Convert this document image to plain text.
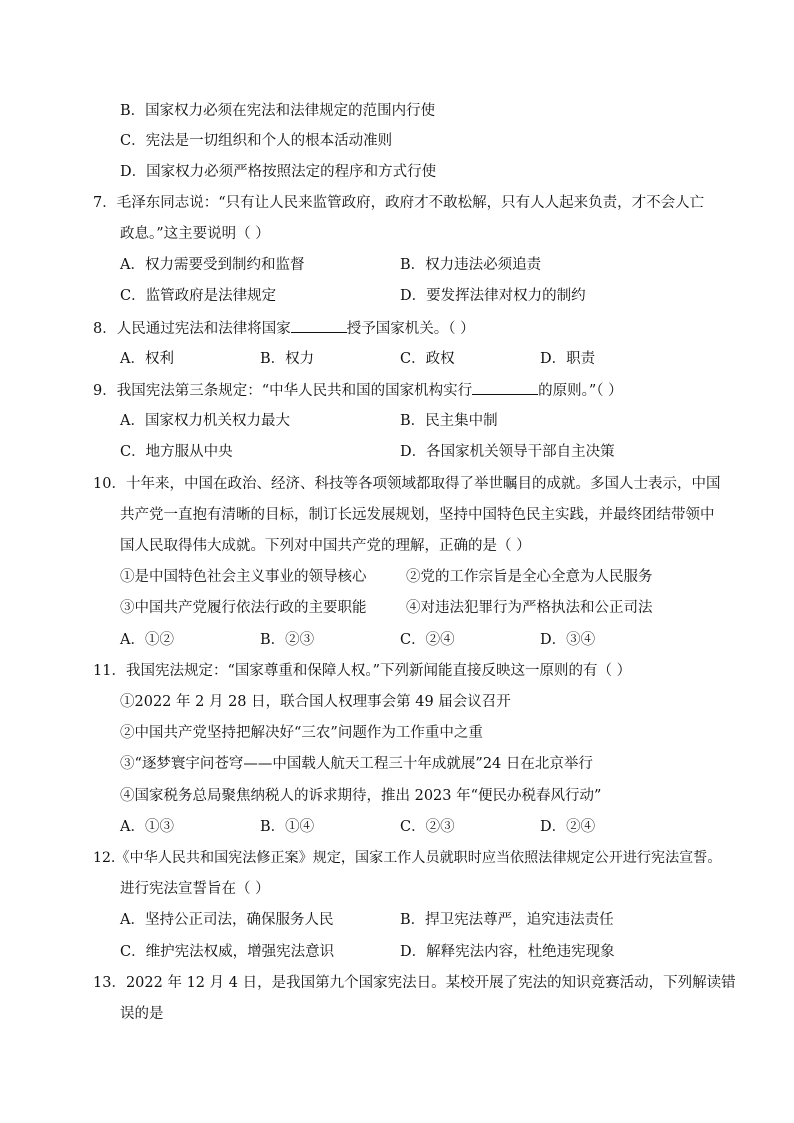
B．国家权力必须在宪法和法律规定的范围内行使
C．宪法是一切组织和个人的根本活动准则
D．国家权力必须严格按照法定的程序和方式行使
7．毛泽东同志说：“只有让人民来监管政府，政府才不敢松解，只有人人起来负责，才不会人亡
政息。”这主要说明（ ）
A．权力需要受到制约和监督	B．权力违法必须追责
C．监管政府是法律规定	D．要发挥法律对权力的制约
8．人民通过宪法和法律将国家	授予国家机关。（ ）
A．权利	B．权力	C．政权	D．职责
9．我国宪法第三条规定：“中华人民共和国的国家机构实行	的原则。”（ ）
A．国家权力机关权力最大	B．民主集中制
C．地方服从中央	D．各国家机关领导干部自主决策
10．十年来，中国在政治、经济、科技等各项领域都取得了举世瞩目的成就。多国人士表示，中国
共产党一直抱有清晰的目标，制订长远发展规划，坚持中国特色民主实践，并最终团结带领中
国人民取得伟大成就。下列对中国共产党的理解，正确的是（ ）
①是中国特色社会主义事业的领导核心	②党的工作宗旨是全心全意为人民服务
③中国共产党履行依法行政的主要职能	④对违法犯罪行为严格执法和公正司法
A．①②	B．②③	C．②④	D．③④
11．我国宪法规定：“国家尊重和保障人权。”下列新闻能直接反映这一原则的有（ ）
①2022 年 2 月 28 日，联合国人权理事会第 49 届会议召开
②中国共产党坚持把解决好“三农”问题作为工作重中之重
③“逐梦寰宇问苍穹——中国载人航天工程三十年成就展”24 日在北京举行
④国家税务总局聚焦纳税人的诉求期待，推出 2023 年“便民办税春风行动”
A．①③	B．①④	C．②③	D．②④
12.《中华人民共和国宪法修正案》规定，国家工作人员就职时应当依照法律规定公开进行宪法宣誓。
进行宪法宣誓旨在（ ）
A．坚持公正司法，确保服务人民	B．捍卫宪法尊严，追究违法责任
C．维护宪法权威，增强宪法意识	D．解释宪法内容，杜绝违宪现象
13．2022 年 12 月 4 日，是我国第九个国家宪法日。某校开展了宪法的知识竞赛活动，下列解读错
误的是
